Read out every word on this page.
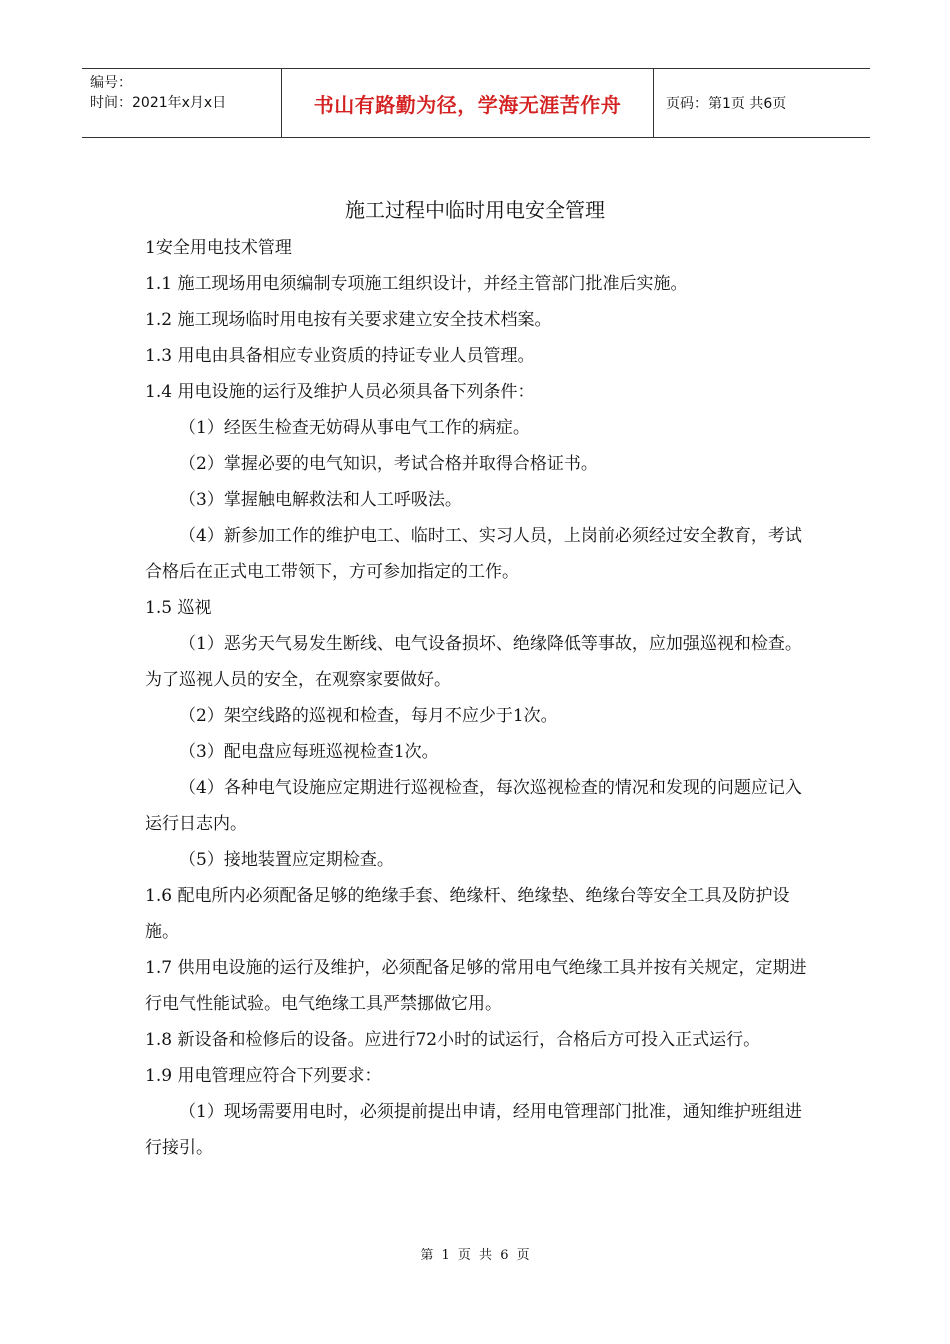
编号：
时间：2021年x月x日	书山有路勤为径，学海无涯苦作舟	页码：第1页 共6页
施工过程中临时用电安全管理

1安全用电技术管理

1.1 施工现场用电须编制专项施工组织设计，并经主管部门批准后实施。

1.2 施工现场临时用电按有关要求建立安全技术档案。

1.3 用电由具备相应专业资质的持证专业人员管理。

1.4 用电设施的运行及维护人员必须具备下列条件：

（1）经医生检查无妨碍从事电气工作的病症。

（2）掌握必要的电气知识，考试合格并取得合格证书。

（3）掌握触电解救法和人工呼吸法。

（4）新参加工作的维护电工、临时工、实习人员，上岗前必须经过安全教育，考试合格后在正式电工带领下，方可参加指定的工作。

1.5 巡视

（1）恶劣天气易发生断线、电气设备损坏、绝缘降低等事故，应加强巡视和检查。为了巡视人员的安全，在观察家要做好。

（2）架空线路的巡视和检查，每月不应少于1次。

（3）配电盘应每班巡视检查1次。

（4）各种电气设施应定期进行巡视检查，每次巡视检查的情况和发现的问题应记入运行日志内。

（5）接地装置应定期检查。

1.6 配电所内必须配备足够的绝缘手套、绝缘杆、绝缘垫、绝缘台等安全工具及防护设施。

1.7 供用电设施的运行及维护，必须配备足够的常用电气绝缘工具并按有关规定，定期进行电气性能试验。电气绝缘工具严禁挪做它用。

1.8 新设备和检修后的设备。应进行72小时的试运行，合格后方可投入正式运行。

1.9 用电管理应符合下列要求：

（1）现场需要用电时，必须提前提出申请，经用电管理部门批准，通知维护班组进行接引。

第 1 页 共 6 页
